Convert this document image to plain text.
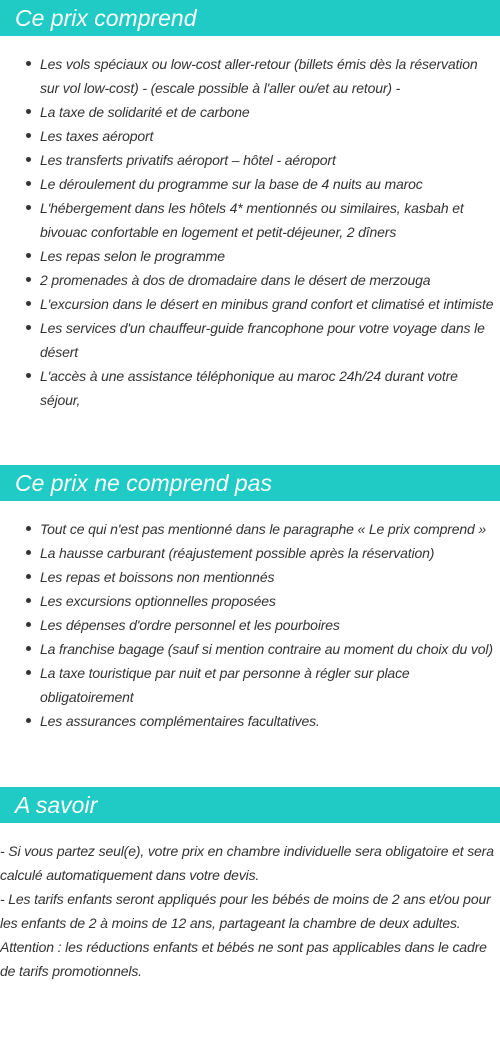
Ce prix comprend
Les vols spéciaux ou low-cost aller-retour (billets émis dès la réservation sur vol low-cost) - (escale possible à l'aller ou/et au retour) -
La taxe de solidarité et de carbone
Les taxes aéroport
Les transferts privatifs aéroport – hôtel - aéroport
Le déroulement du programme sur la base de 4 nuits au maroc
L'hébergement dans les hôtels 4* mentionnés ou similaires, kasbah et bivouac confortable en logement et petit-déjeuner, 2 dîners
Les repas selon le programme
2 promenades à dos de dromadaire dans le désert de merzouga
L'excursion dans le désert en minibus grand confort et climatisé et intimiste
Les services d'un chauffeur-guide francophone pour votre voyage dans le désert
L'accès à une assistance téléphonique au maroc 24h/24 durant votre séjour,
Ce prix ne comprend pas
Tout ce qui n'est pas mentionné dans le paragraphe « Le prix comprend »
La hausse carburant (réajustement possible après la réservation)
Les repas et boissons non mentionnés
Les excursions optionnelles proposées
Les dépenses d'ordre personnel et les pourboires
La franchise bagage (sauf si mention contraire au moment du choix du vol)
La taxe touristique par nuit et par personne à régler sur place obligatoirement
Les assurances complémentaires facultatives.
A savoir

- Si vous partez seul(e), votre prix en chambre individuelle sera obligatoire et sera calculé automatiquement dans votre devis.

- Les tarifs enfants seront appliqués pour les bébés de moins de 2 ans et/ou pour les enfants de 2 à moins de 12 ans, partageant la chambre de deux adultes.

Attention : les réductions enfants et bébés ne sont pas applicables dans le cadre de tarifs promotionnels.
